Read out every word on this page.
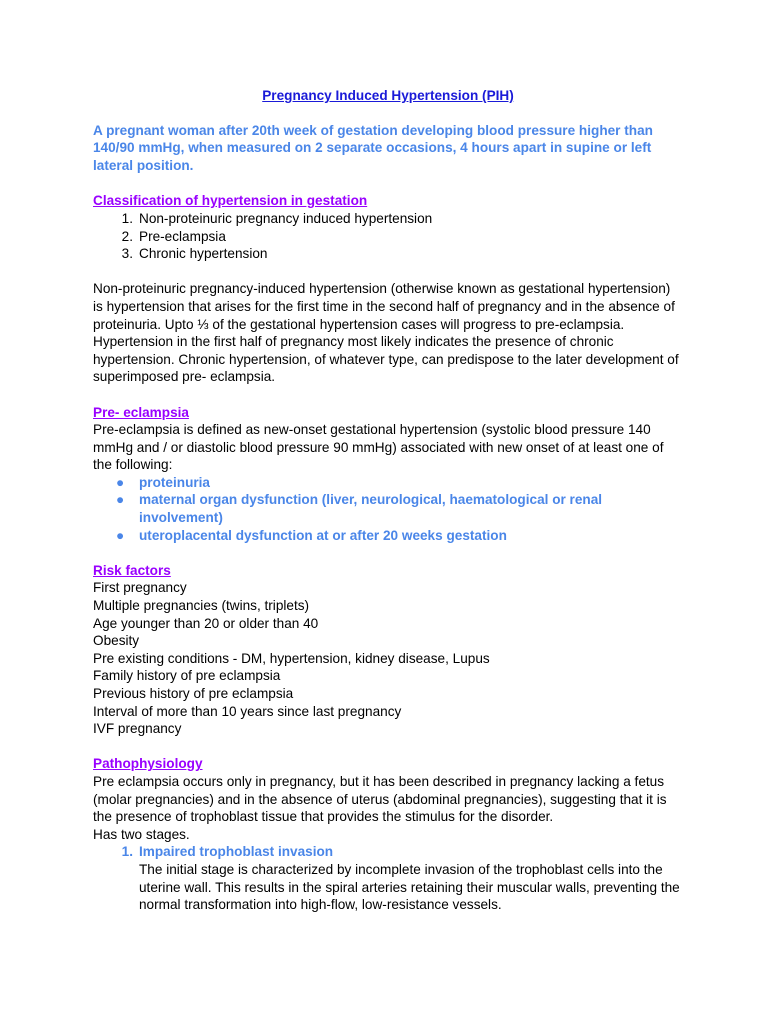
Pregnancy Induced Hypertension (PIH)

A pregnant woman after 20th week of gestation developing blood pressure higher than 140/90 mmHg, when measured on 2 separate occasions, 4 hours apart in supine or left lateral position.

Classification of hypertension in gestation

1. Non-proteinuric pregnancy induced hypertension
2. Pre-eclampsia
3. Chronic hypertension

Non-proteinuric pregnancy-induced hypertension (otherwise known as gestational hypertension) is hypertension that arises for the first time in the second half of pregnancy and in the absence of proteinuria. Upto ⅓ of the gestational hypertension cases will progress to pre-eclampsia.

Hypertension in the first half of pregnancy most likely indicates the presence of chronic hypertension. Chronic hypertension, of whatever type, can predispose to the later development of superimposed pre- eclampsia.

Pre- eclampsia

Pre-eclampsia is defined as new-onset gestational hypertension (systolic blood pressure 140 mmHg and / or diastolic blood pressure 90 mmHg) associated with new onset of at least one of the following:

● proteinuria
● maternal organ dysfunction (liver, neurological, haematological or renal involvement)
● uteroplacental dysfunction at or after 20 weeks gestation

Risk factors

First pregnancy

Multiple pregnancies (twins, triplets)

Age younger than 20 or older than 40

Obesity

Pre existing conditions - DM, hypertension, kidney disease, Lupus

Family history of pre eclampsia

Previous history of pre eclampsia

Interval of more than 10 years since last pregnancy

IVF pregnancy

Pathophysiology

Pre eclampsia occurs only in pregnancy, but it has been described in pregnancy lacking a fetus (molar pregnancies) and in the absence of uterus (abdominal pregnancies), suggesting that it is the presence of trophoblast tissue that provides the stimulus for the disorder.

Has two stages.

1. Impaired trophoblast invasion
The initial stage is characterized by incomplete invasion of the trophoblast cells into the uterine wall. This results in the spiral arteries retaining their muscular walls, preventing the normal transformation into high-flow, low-resistance vessels.
